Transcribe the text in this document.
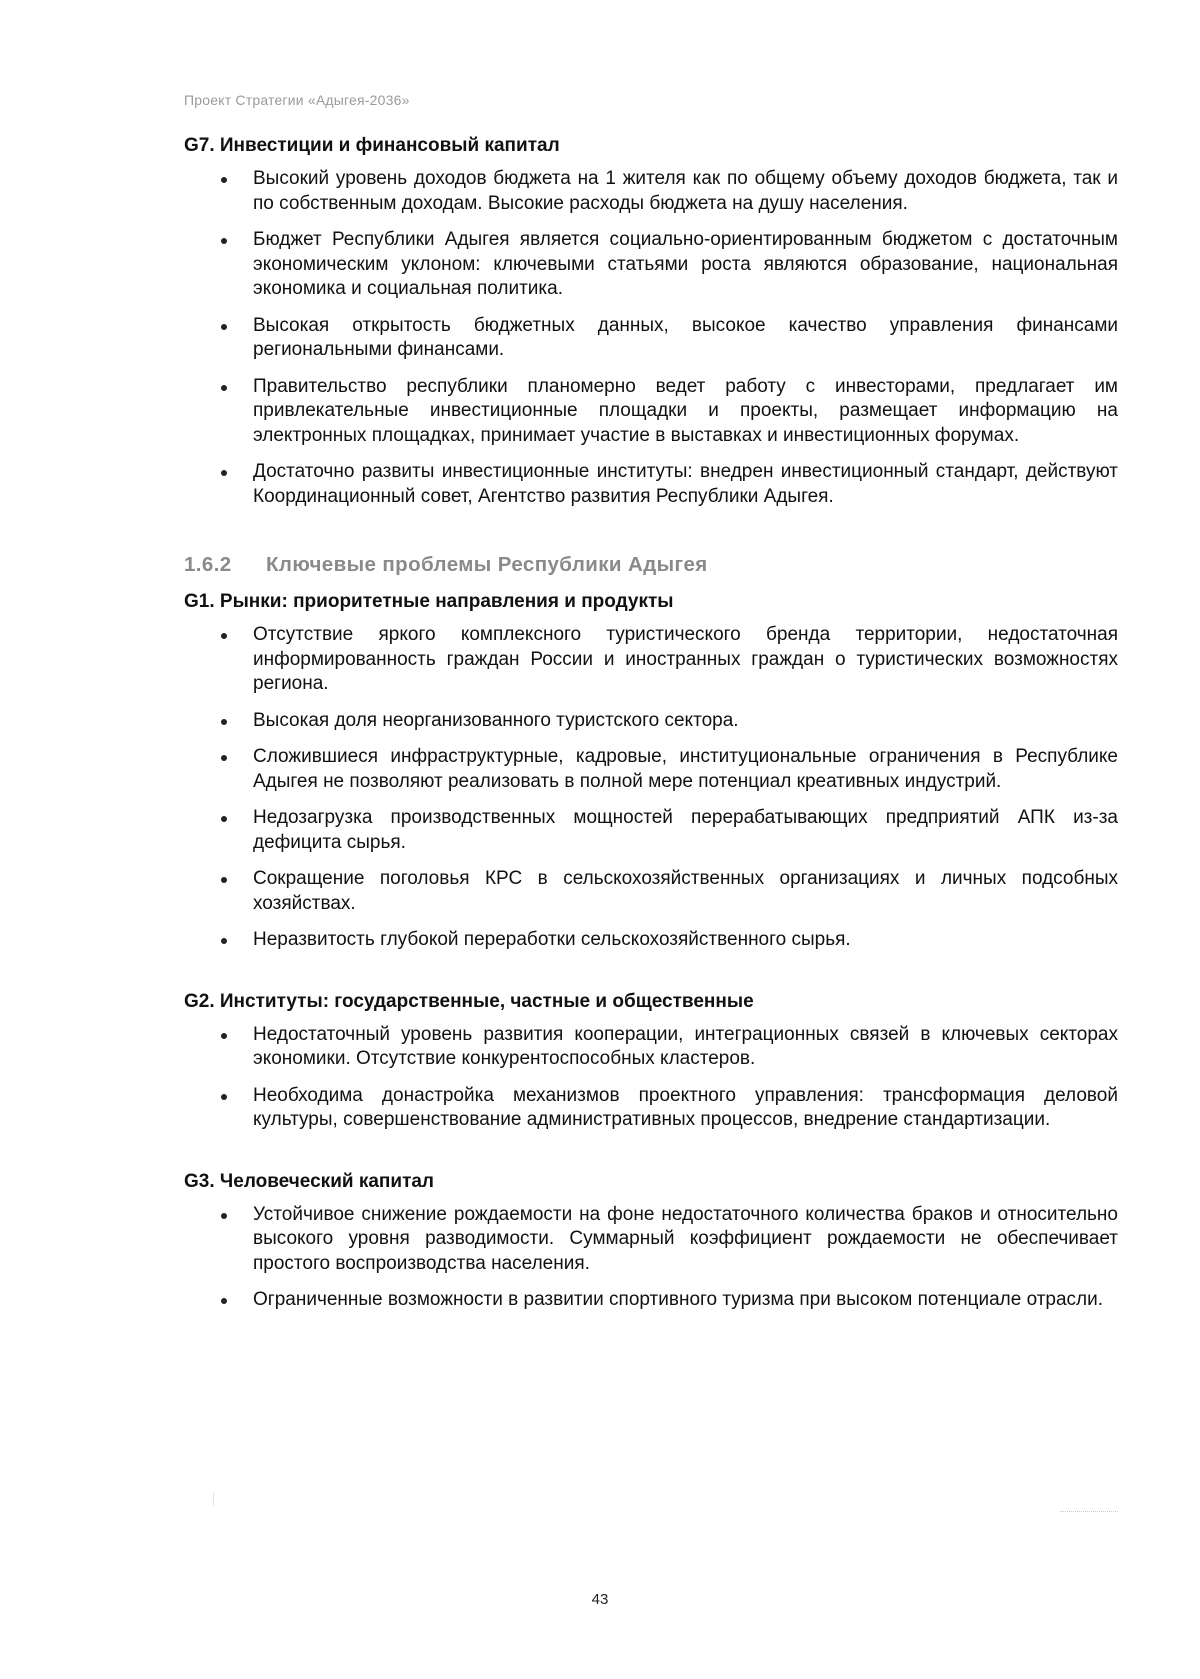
Проект Стратегии «Адыгея-2036»
G7. Инвестиции и финансовый капитал
Высокий уровень доходов бюджета на 1 жителя как по общему объему доходов бюджета, так и по собственным доходам. Высокие расходы бюджета на душу населения.
Бюджет Республики Адыгея является социально-ориентированным бюджетом с достаточным экономическим уклоном: ключевыми статьями роста являются образование, национальная экономика и социальная политика.
Высокая открытость бюджетных данных, высокое качество управления финансами региональными финансами.
Правительство республики планомерно ведет работу с инвесторами, предлагает им привлекательные инвестиционные площадки и проекты, размещает информацию на электронных площадках, принимает участие в выставках и инвестиционных форумах.
Достаточно развиты инвестиционные институты: внедрен инвестиционный стандарт, действуют Координационный совет, Агентство развития Республики Адыгея.
1.6.2 Ключевые проблемы Республики Адыгея
G1. Рынки: приоритетные направления и продукты
Отсутствие яркого комплексного туристического бренда территории, недостаточная информированность граждан России и иностранных граждан о туристических возможностях региона.
Высокая доля неорганизованного туристского сектора.
Сложившиеся инфраструктурные, кадровые, институциональные ограничения в Республике Адыгея не позволяют реализовать в полной мере потенциал креативных индустрий.
Недозагрузка производственных мощностей перерабатывающих предприятий АПК из-за дефицита сырья.
Сокращение поголовья КРС в сельскохозяйственных организациях и личных подсобных хозяйствах.
Неразвитость глубокой переработки сельскохозяйственного сырья.
G2. Институты: государственные, частные и общественные
Недостаточный уровень развития кооперации, интеграционных связей в ключевых секторах экономики. Отсутствие конкурентоспособных кластеров.
Необходима донастройка механизмов проектного управления: трансформация деловой культуры, совершенствование административных процессов, внедрение стандартизации.
G3. Человеческий капитал
Устойчивое снижение рождаемости на фоне недостаточного количества браков и относительно высокого уровня разводимости. Суммарный коэффициент рождаемости не обеспечивает простого воспроизводства населения.
Ограниченные возможности в развитии спортивного туризма при высоком потенциале отрасли.
43
